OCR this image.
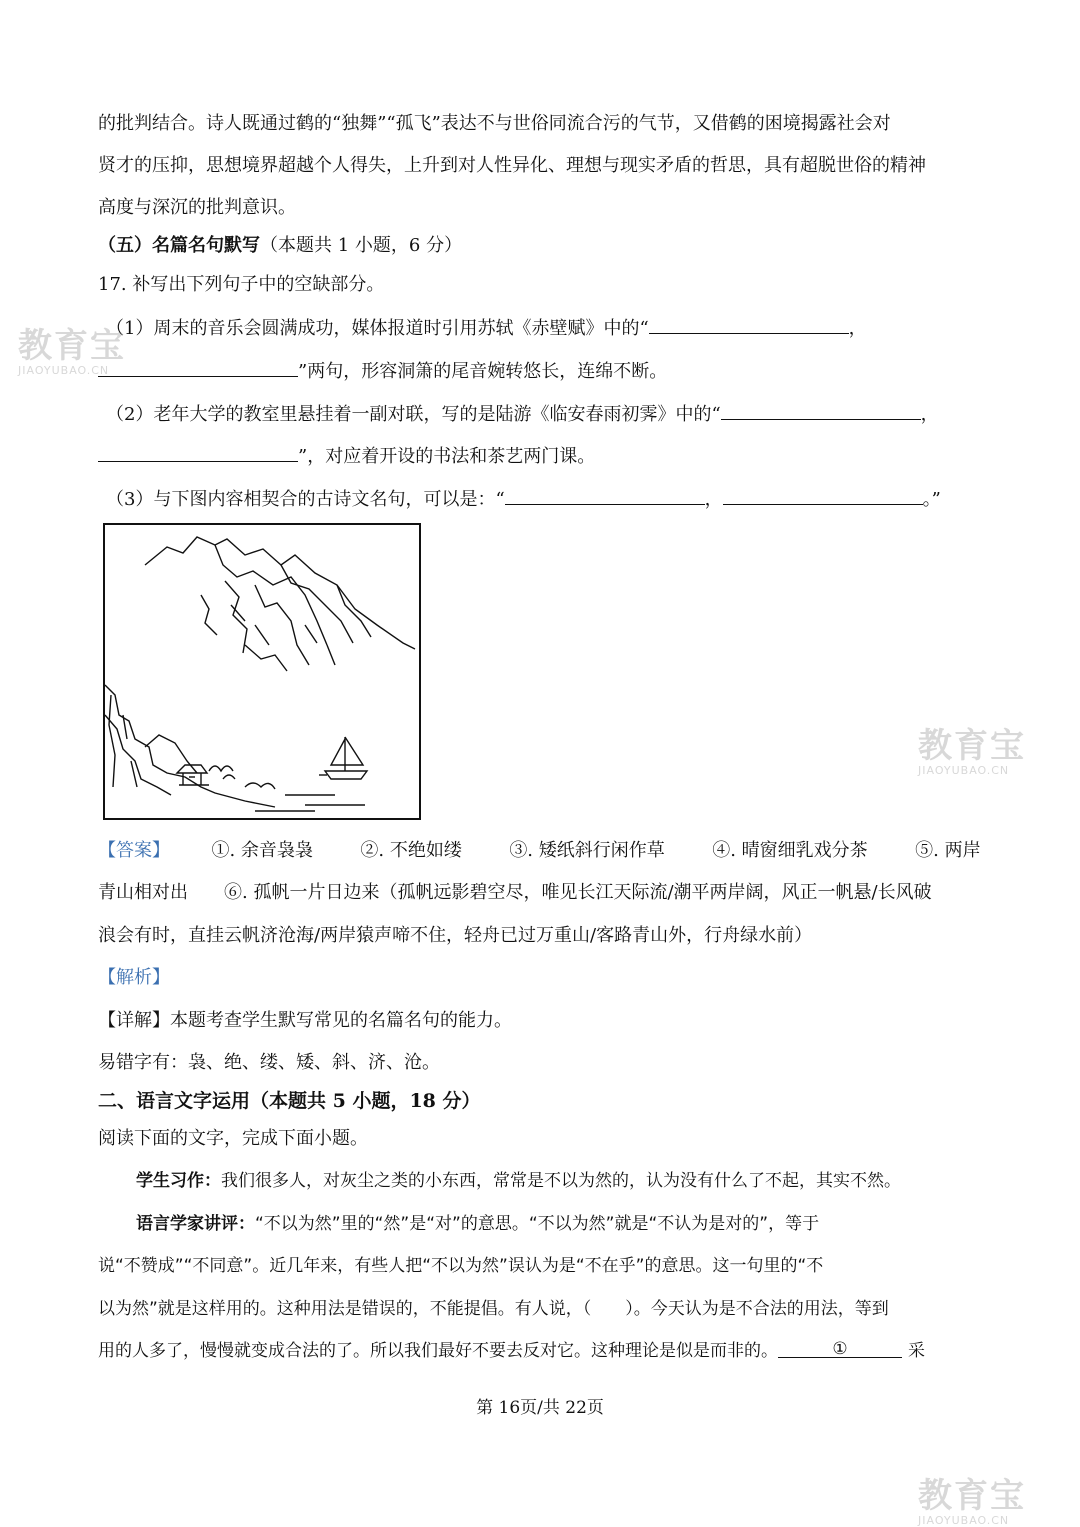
教育宝
JIAOYUBAO.CN
教育宝
JIAOYUBAO.CN
教育宝
JIAOYUBAO.CN
的批判结合。诗人既通过鹤的“独舞”“孤飞”表达不与世俗同流合污的气节，又借鹤的困境揭露社会对
贤才的压抑，思想境界超越个人得失，上升到对人性异化、理想与现实矛盾的哲思，具有超脱世俗的精神
高度与深沉的批判意识。
（五）名篇名句默写（本题共 1 小题，6 分）
17. 补写出下列句子中的空缺部分。
（1）周末的音乐会圆满成功，媒体报道时引用苏轼《赤壁赋》中的“	，
”两句，形容洞箫的尾音婉转悠长，连绵不断。
（2）老年大学的教室里悬挂着一副对联，写的是陆游《临安春雨初霁》中的“	，
”，对应着开设的书法和茶艺两门课。
（3）与下图内容相契合的古诗文名句，可以是：“	，	。”
【答案】 ①. 余音袅袅	②. 不绝如缕	③. 矮纸斜行闲作草	④. 晴窗细乳戏分茶	⑤. 两岸
青山相对出　　⑥. 孤帆一片日边来（孤帆远影碧空尽，唯见长江天际流/潮平两岸阔，风正一帆悬/长风破
浪会有时，直挂云帆济沧海/两岸猿声啼不住，轻舟已过万重山/客路青山外，行舟绿水前）
【解析】
【详解】本题考查学生默写常见的名篇名句的能力。
易错字有：袅、绝、缕、矮、斜、济、沧。
二、语言文字运用（本题共 5 小题，18 分）
阅读下面的文字，完成下面小题。
学生习作：我们很多人，对灰尘之类的小东西，常常是不以为然的，认为没有什么了不起，其实不然。
语言学家讲评：“不以为然”里的“然”是“对”的意思。“不以为然”就是“不认为是对的”，等于
说“不赞成”“不同意”。近几年来，有些人把“不以为然”误认为是“不在乎”的意思。这一句里的“不
以为然”就是这样用的。这种用法是错误的，不能提倡。有人说，（　　）。今天认为是不合法的用法，等到
用的人多了，慢慢就变成合法的了。所以我们最好不要去反对它。这种理论是似是而非的。	①	采
第 16页/共 22页
